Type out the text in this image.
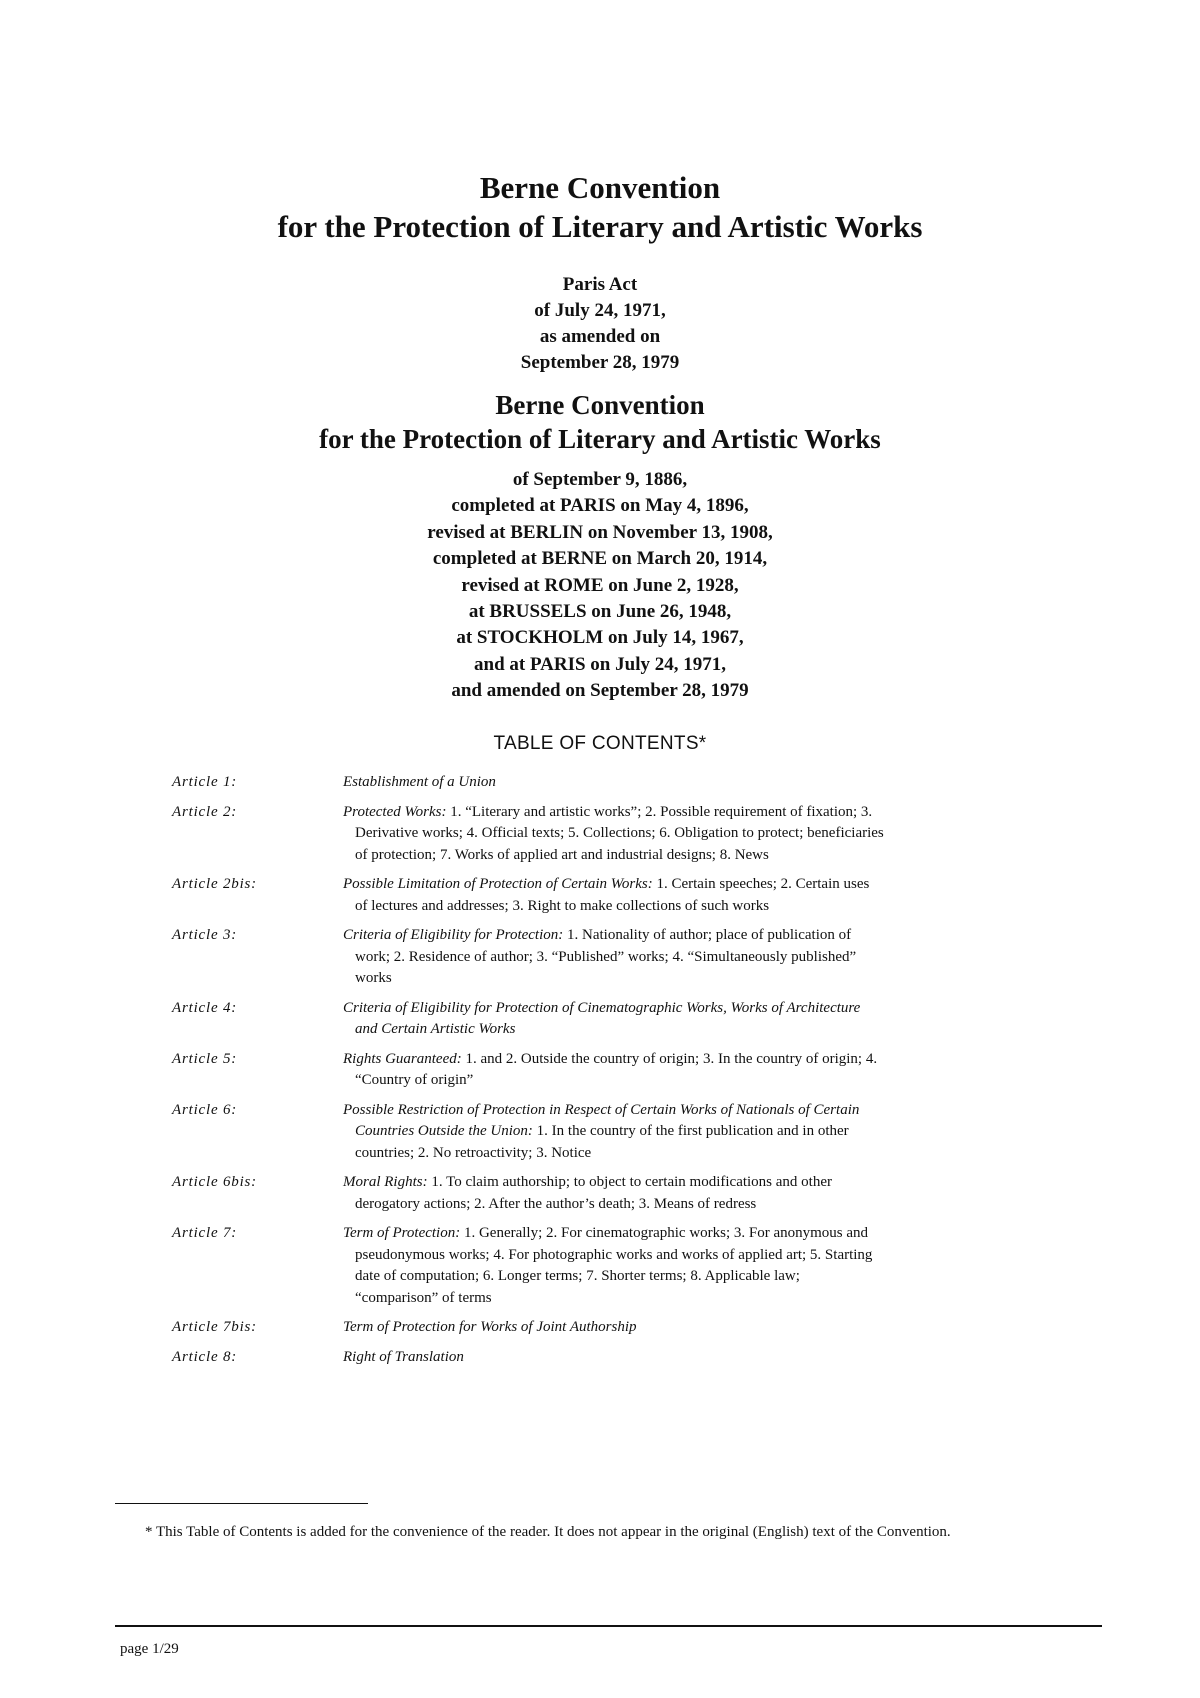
Berne Convention
for the Protection of Literary and Artistic Works
Paris Act
of July 24, 1971,
as amended on
September 28, 1979
Berne Convention
for the Protection of Literary and Artistic Works
of September 9, 1886,
completed at PARIS on May 4, 1896,
revised at BERLIN on November 13, 1908,
completed at BERNE on March 20, 1914,
revised at ROME on June 2, 1928,
at BRUSSELS on June 26, 1948,
at STOCKHOLM on July 14, 1967,
and at PARIS on July 24, 1971,
and amended on September 28, 1979
TABLE OF CONTENTS*
Article 1:	Establishment of a Union
Article 2:	Protected Works: 1. “Literary and artistic works”; 2. Possible requirement of fixation; 3. Derivative works; 4. Official texts; 5. Collections; 6. Obligation to protect; beneficiaries of protection; 7. Works of applied art and industrial designs; 8. News
Article 2bis:	Possible Limitation of Protection of Certain Works: 1. Certain speeches; 2. Certain uses of lectures and addresses; 3. Right to make collections of such works
Article 3:	Criteria of Eligibility for Protection: 1. Nationality of author; place of publication of work; 2. Residence of author; 3. “Published” works; 4. “Simultaneously published” works
Article 4:	Criteria of Eligibility for Protection of Cinematographic Works, Works of Architecture and Certain Artistic Works
Article 5:	Rights Guaranteed: 1. and 2. Outside the country of origin; 3. In the country of origin; 4. “Country of origin”
Article 6:	Possible Restriction of Protection in Respect of Certain Works of Nationals of Certain Countries Outside the Union: 1. In the country of the first publication and in other countries; 2. No retroactivity; 3. Notice
Article 6bis:	Moral Rights: 1. To claim authorship; to object to certain modifications and other derogatory actions; 2. After the author’s death; 3. Means of redress
Article 7:	Term of Protection: 1. Generally; 2. For cinematographic works; 3. For anonymous and pseudonymous works; 4. For photographic works and works of applied art; 5. Starting date of computation; 6. Longer terms; 7. Shorter terms; 8. Applicable law; “comparison” of terms
Article 7bis:	Term of Protection for Works of Joint Authorship
Article 8:	Right of Translation
* This Table of Contents is added for the convenience of the reader. It does not appear in the original (English) text of the Convention.
page 1/29
